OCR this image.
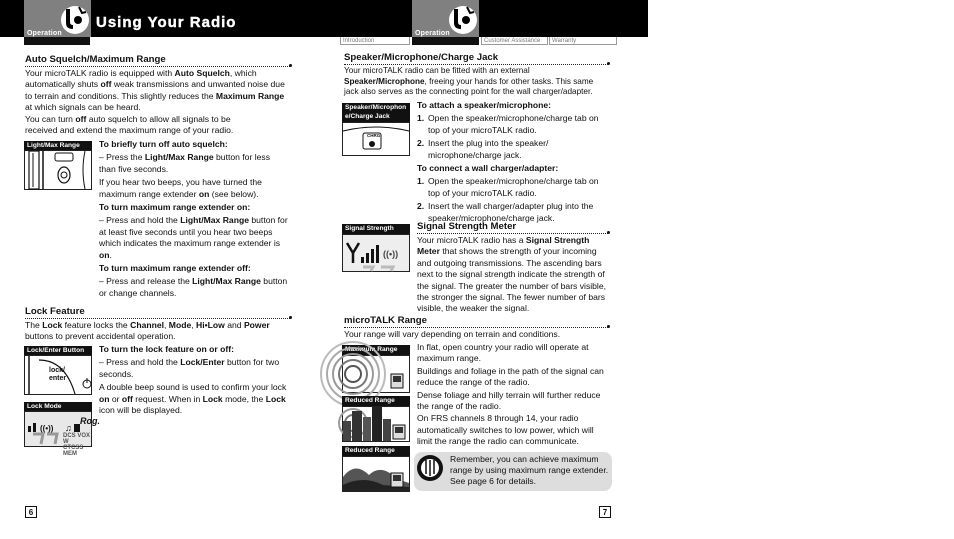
Operation
Using Your Radio
Introduction
Operation
Customer Assistance	Warranty
Auto Squelch/Maximum Range
Your microTALK radio is equipped with Auto Squelch, which automatically shuts off weak transmissions and unwanted noise due to terrain and conditions. This slightly reduces the Maximum Range at which signals can be heard.
You can turn off auto squelch to allow all signals to be received and extend the maximum range of your radio.
Light/Max Range	To briefly turn off auto squelch:

– Press the Light/Max Range button for less than five seconds.
If you hear two beeps, you have turned the maximum range extender on (see below).
To turn maximum range extender on:
– Press and hold the Light/Max Range button for at least five seconds until you hear two beeps which indicates the maximum range extender is on.
To turn maximum range extender off:
– Press and release the Light/Max Range button or change channels.
Lock Feature
The Lock feature locks the Channel, Mode, Hi•Low and Power buttons to prevent accidental operation.
Lock/Enter Button
lock/
enter
Lock Mode
((•)) ♫
Rog.
DCS VOX W
CTCSS MEM
To turn the lock feature on or off:

– Press and hold the Lock/Enter button for two seconds.
A double beep sound is used to confirm your lock on or off request. When in Lock mode, the Lock icon will be displayed.
6
Speaker/Microphone/Charge Jack
Your microTALK radio can be fitted with an external Speaker/Microphone, freeing your hands for other tasks. This same jack also serves as the connecting point for the wall charger/adapter.
Speaker/Microphon e/Charge Jack
CHRG
To attach a speaker/microphone:
1. Open the speaker/microphone/charge tab on top of your microTALK radio.
2. Insert the plug into the speaker/ microphone/charge jack.
To connect a wall charger/adapter:
1. Open the speaker/microphone/charge tab on top of your microTALK radio.
2. Insert the wall charger/adapter plug into the speaker/microphone/charge jack.
Signal Strength Meter
Signal Strength
((•))
Your microTALK radio has a Signal Strength Meter that shows the strength of your incoming and outgoing transmissions. The ascending bars next to the signal strength indicate the strength of the signal. The greater the number of bars visible, the stronger the signal. The fewer number of bars visible, the weaker the signal.
microTALK Range
Your range will vary depending on terrain and conditions.
Maximum Range
Reduced Range
Reduced Range
In flat, open country your radio will operate at maximum range.
Buildings and foliage in the path of the signal can reduce the range of the radio.
Dense foliage and hilly terrain will further reduce the range of the radio.
On FRS channels 8 through 14, your radio automatically switches to low power, which will limit the range the radio can communicate.
Remember, you can achieve maximum range by using maximum range extender. See page 6 for details.
7
